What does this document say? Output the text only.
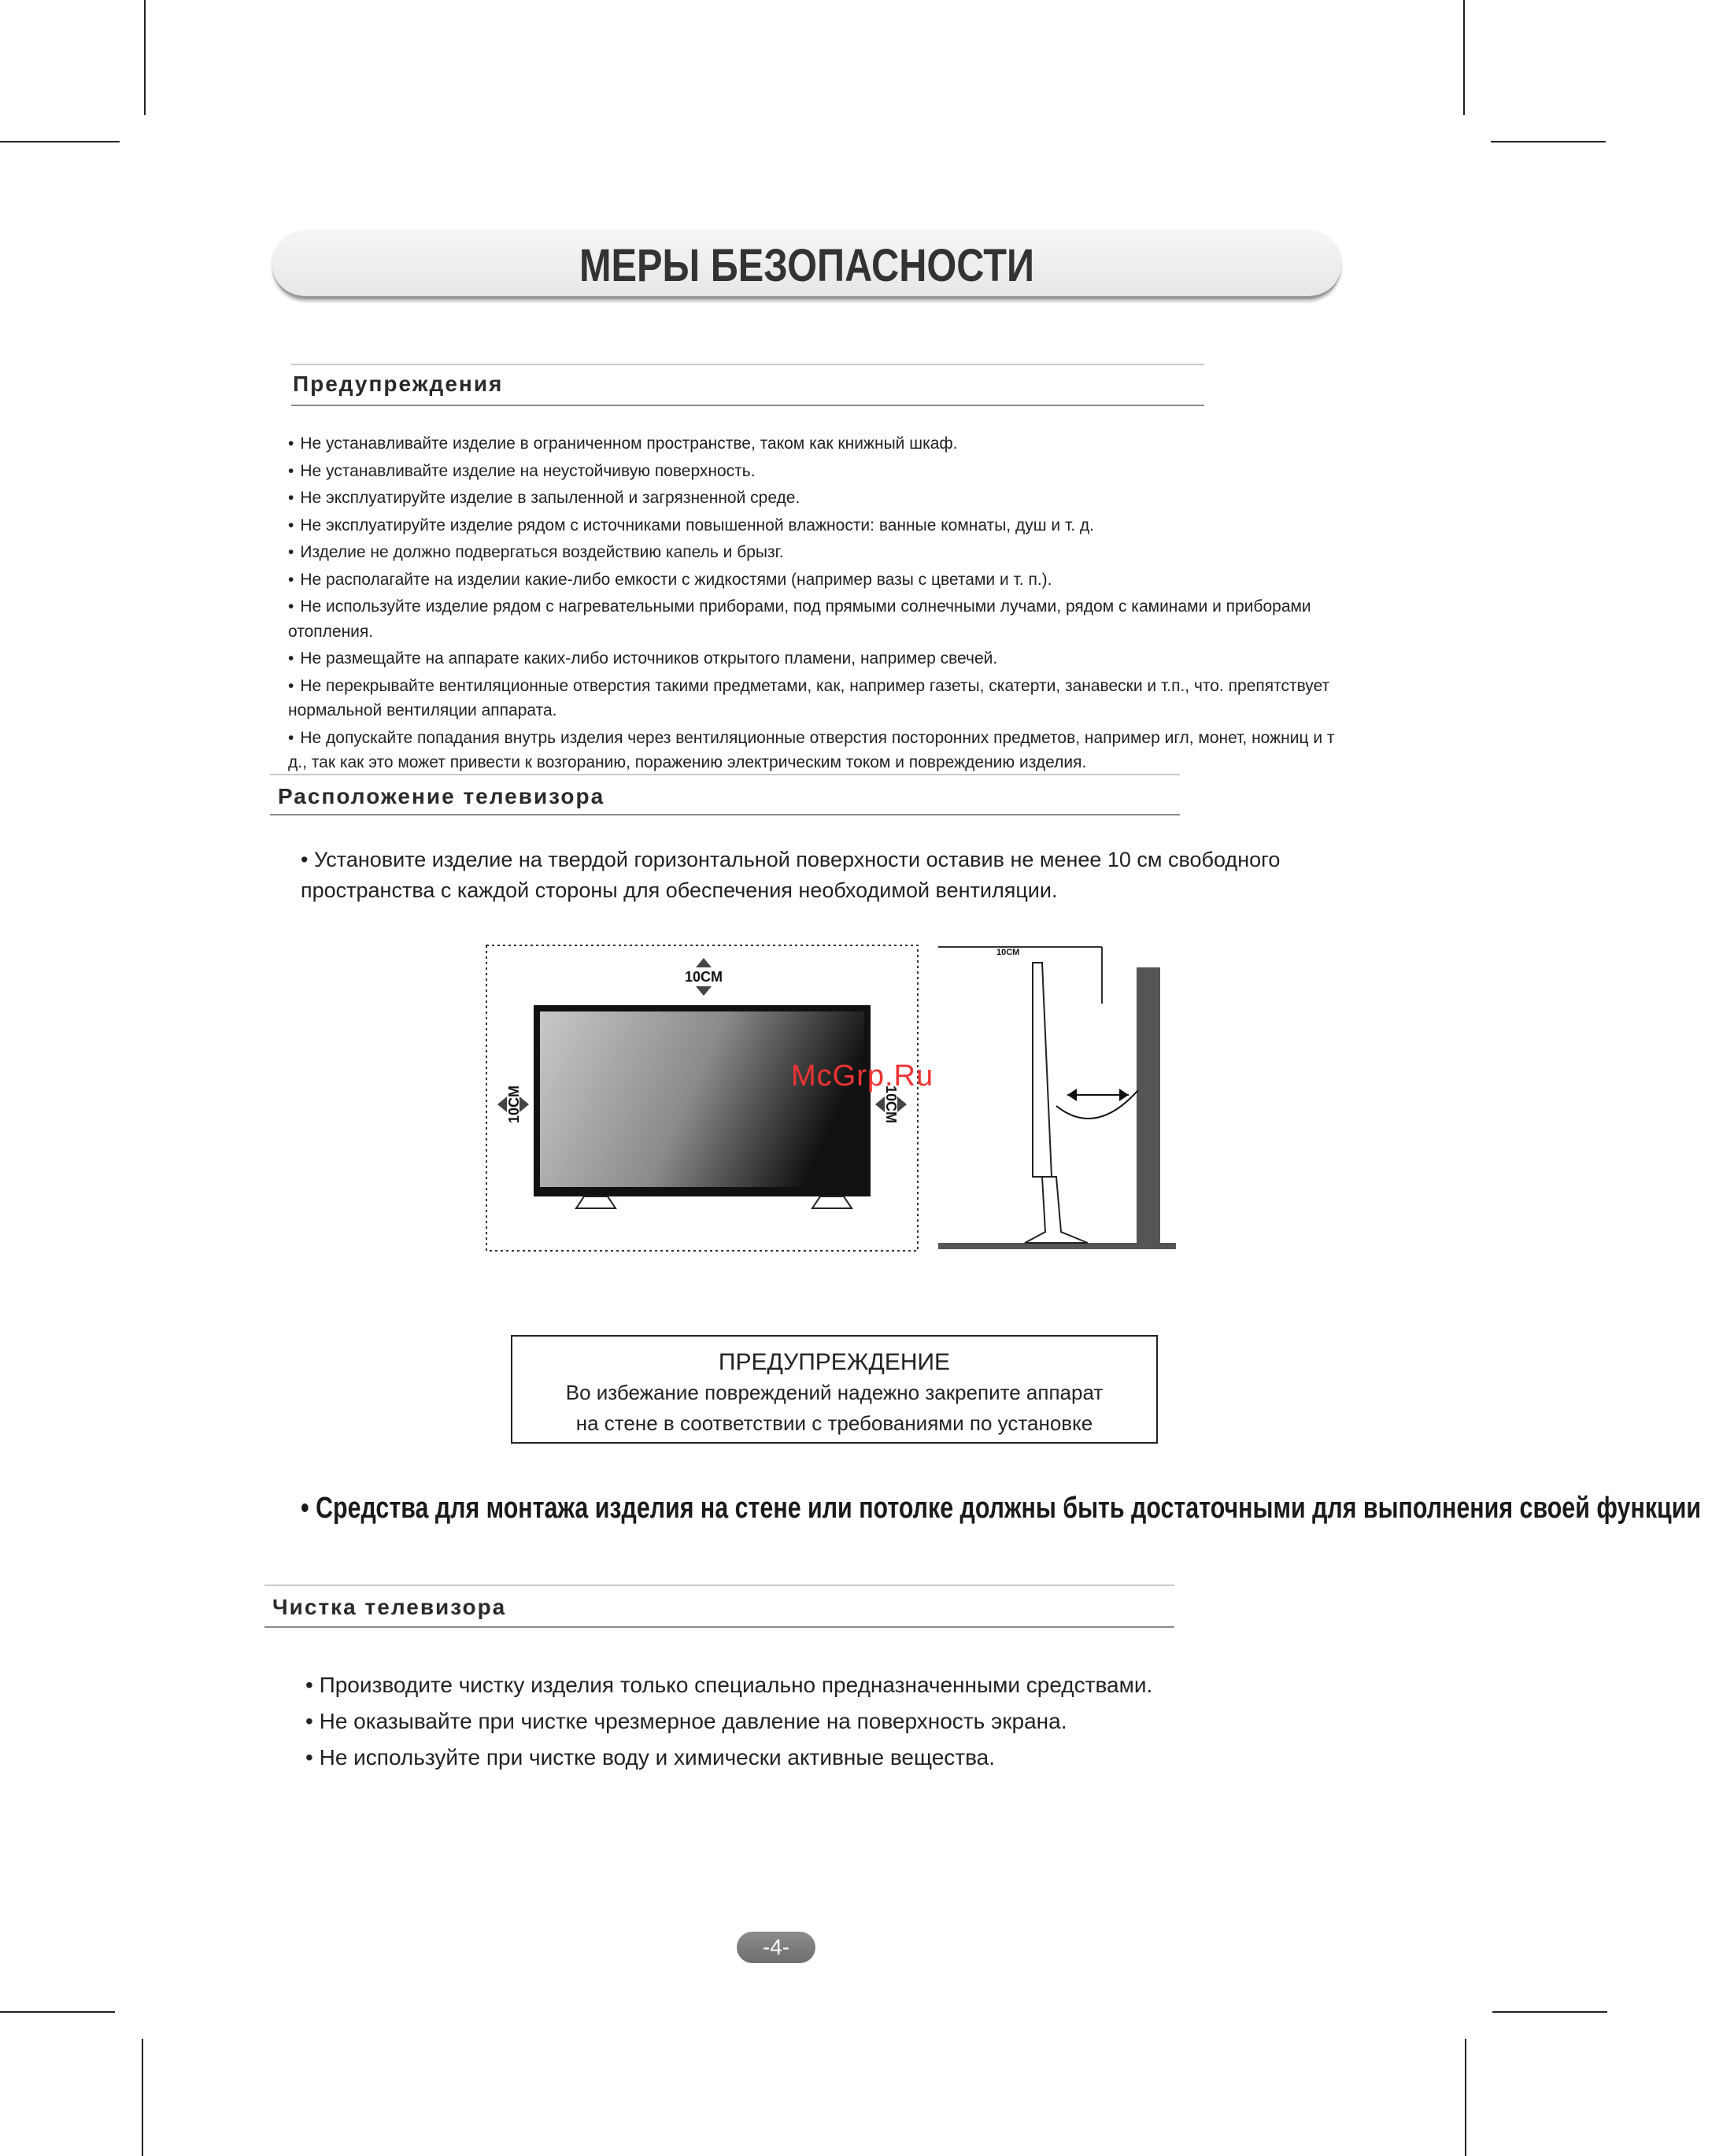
МЕРЫ БЕЗОПАСНОСТИ
Предупреждения
• Не устанавливайте изделие в ограниченном пространстве, таком как книжный шкаф.
• Не устанавливайте изделие на неустойчивую поверхность.
• Не эксплуатируйте изделие в запыленной и загрязненной среде.
• Не эксплуатируйте изделие рядом с источниками повышенной влажности: ванные комнаты, душ и т. д.
• Изделие не должно подвергаться воздействию капель и брызг.
• Не располагайте на изделии какие-либо емкости с жидкостями (например вазы с цветами и т. п.).
• Не используйте изделие рядом с нагревательными приборами, под прямыми солнечными лучами, рядом с каминами и приборами отопления.
• Не размещайте на аппарате каких-либо источников открытого пламени, например свечей.
• Не перекрывайте вентиляционные отверстия такими предметами, как, например газеты, скатерти, занавески и т.п., что. препятствует нормальной вентиляции аппарата.
• Не допускайте попадания внутрь изделия через вентиляционные отверстия посторонних предметов, например игл, монет, ножниц и т д., так как это может привести к возгоранию, поражению электрическим током и повреждению изделия.
Расположение телевизора
• Установите изделие на твердой горизонтальной поверхности оставив не менее 10 см свободного пространства с каждой стороны для обеспечения необходимой вентиляции.
10CM
10CM	10CM
10CM
McGrp.Ru
ПРЕДУПРЕЖДЕНИЕ
Во избежание повреждений надежно закрепите аппарат
на стене в соответствии с требованиями по установке
• Средства для монтажа изделия на стене или потолке должны быть достаточными для выполнения своей функции
Чистка телевизора
• Производите чистку изделия только специально предназначенными средствами.
• Не оказывайте при чистке чрезмерное давление на поверхность экрана.
• Не используйте при чистке воду и химически активные вещества.
-4-
